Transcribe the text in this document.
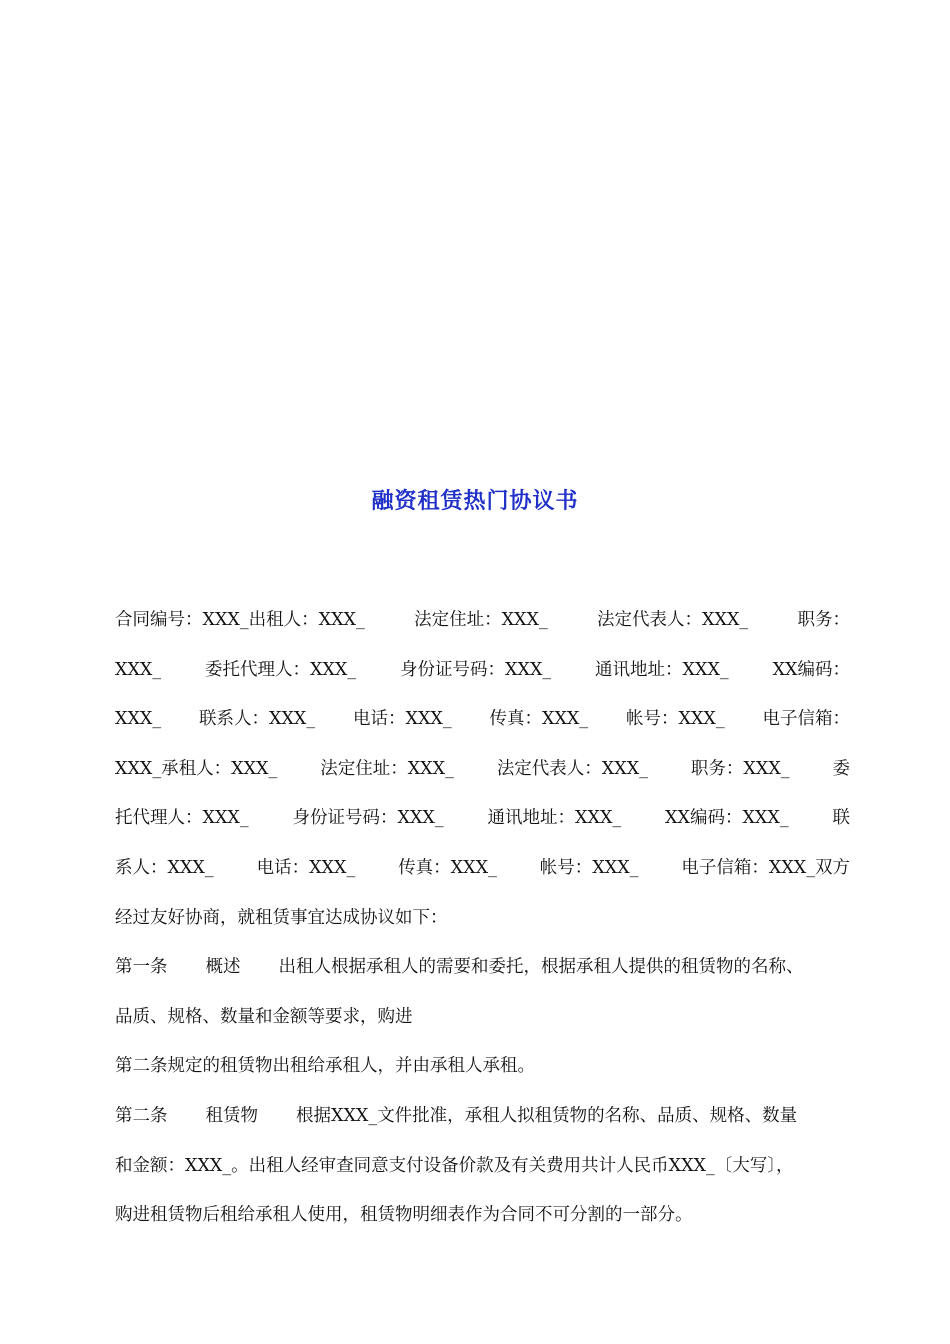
融资租赁热门协议书
合同编号：XXX_出租人：XXX_	法定住址：XXX_	法定代表人：XXX_	职务：
XXX_	委托代理人：XXX_	身份证号码：XXX_	通讯地址：XXX_	XX编码：
XXX_ 联系人：XXX_ 电话：XXX_ 传真：XXX_ 帐号：XXX_ 电子信箱：
XXX_承租人：XXX_ 法定住址：XXX_ 法定代表人：XXX_ 职务：XXX_ 委
托代理人：XXX_	身份证号码：XXX_	通讯地址：XXX_	XX编码：XXX_	联
系人：XXX_ 电话：XXX_ 传真：XXX_ 帐号：XXX_ 电子信箱：XXX_双方
经过友好协商，就租赁事宜达成协议如下：
第一条 概述 出租人根据承租人的需要和委托，根据承租人提供的租赁物的名称、
品质、规格、数量和金额等要求，购进
第二条规定的租赁物出租给承租人，并由承租人承租。
第二条 租赁物 根据XXX_文件批准，承租人拟租赁物的名称、品质、规格、数量
和金额：XXX_。出租人经审查同意支付设备价款及有关费用共计人民币XXX_〔大写〕，
购进租赁物后租给承租人使用，租赁物明细表作为合同不可分割的一部分。
